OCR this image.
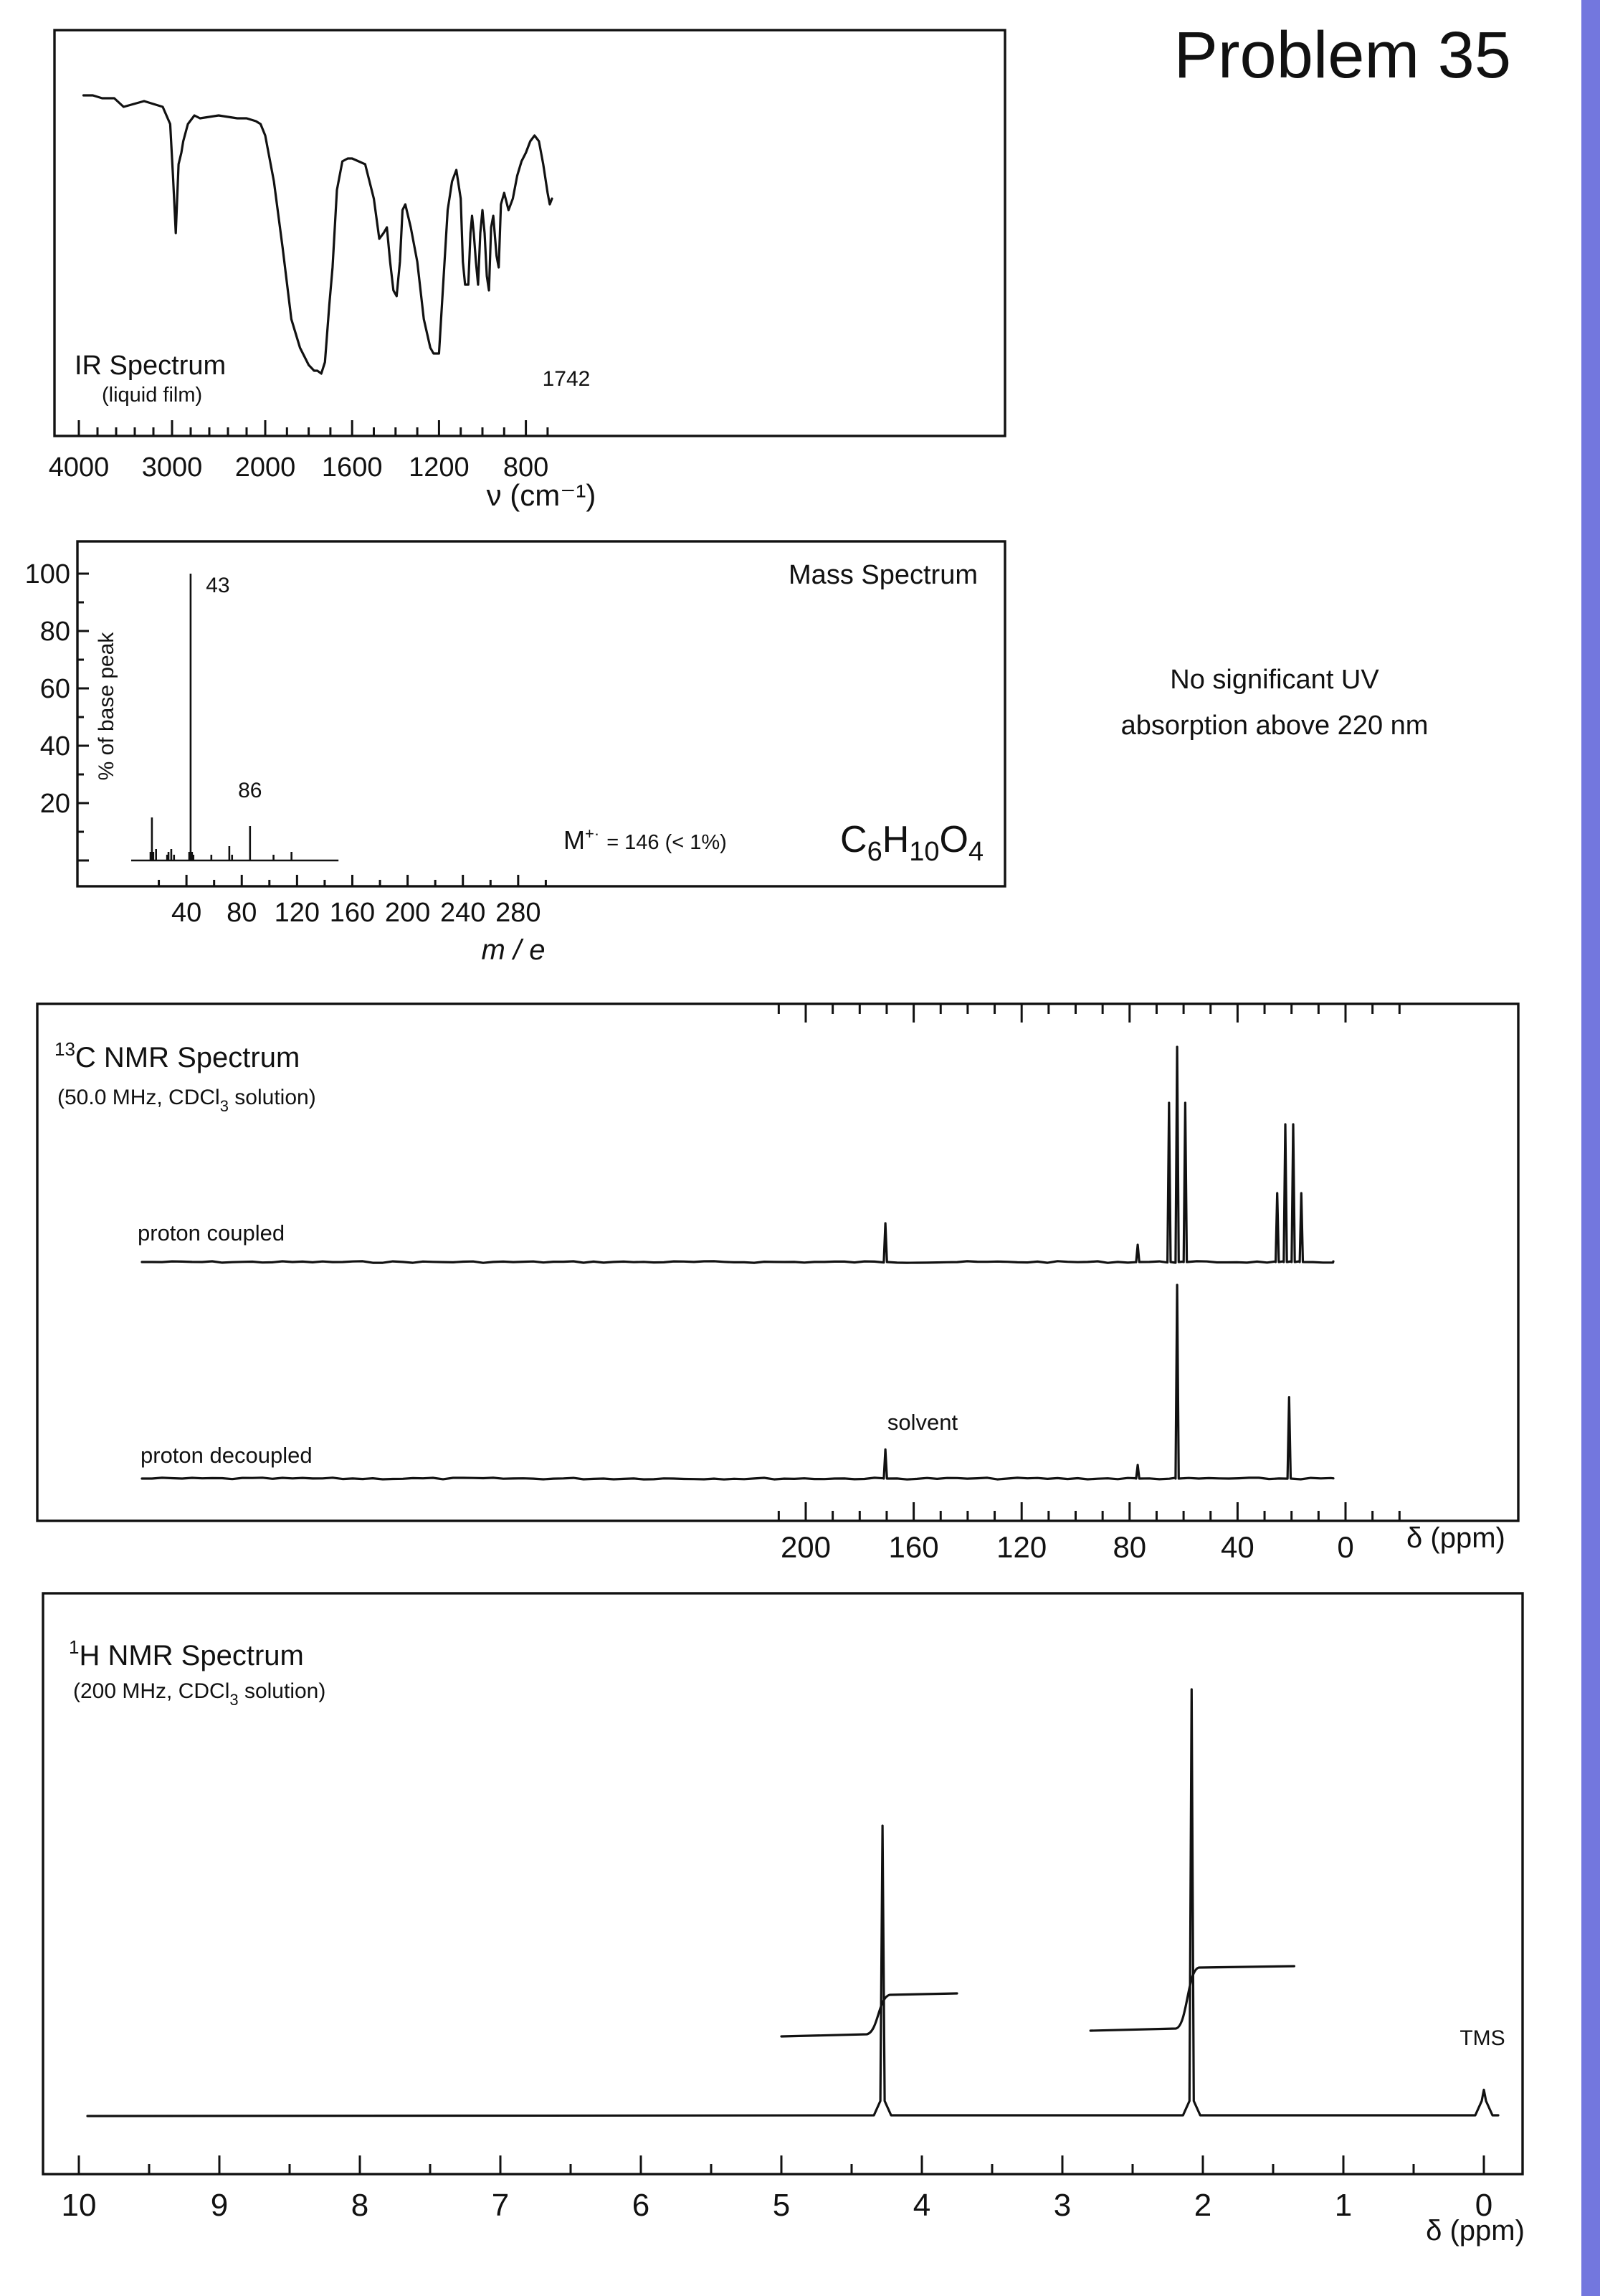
Problem 35
IR Spectrum
(liquid film)
1742
4000 3000 2000 1600 1200 800
ν (cm⁻¹)
Mass Spectrum
100
80
60
40
20
% of base peak
43
86
M+· $_{= 146 (< 1\%)}$	$C_6H_{10}O_4$
40 80 120 160 200 240 280
m / e
No significant UV
absorption above 220 nm
$^{13}$C NMR Spectrum
(50.0 MHz, CDCl$_3$ solution)
proton coupled
proton decoupled
solvent
200 160 120 80 40	0 δ (ppm)
$^1$H NMR Spectrum
(200 MHz, CDCl$_3$ solution)
TMS
10	9	8	7	6	5	4	3	2	1	0
δ (ppm)
